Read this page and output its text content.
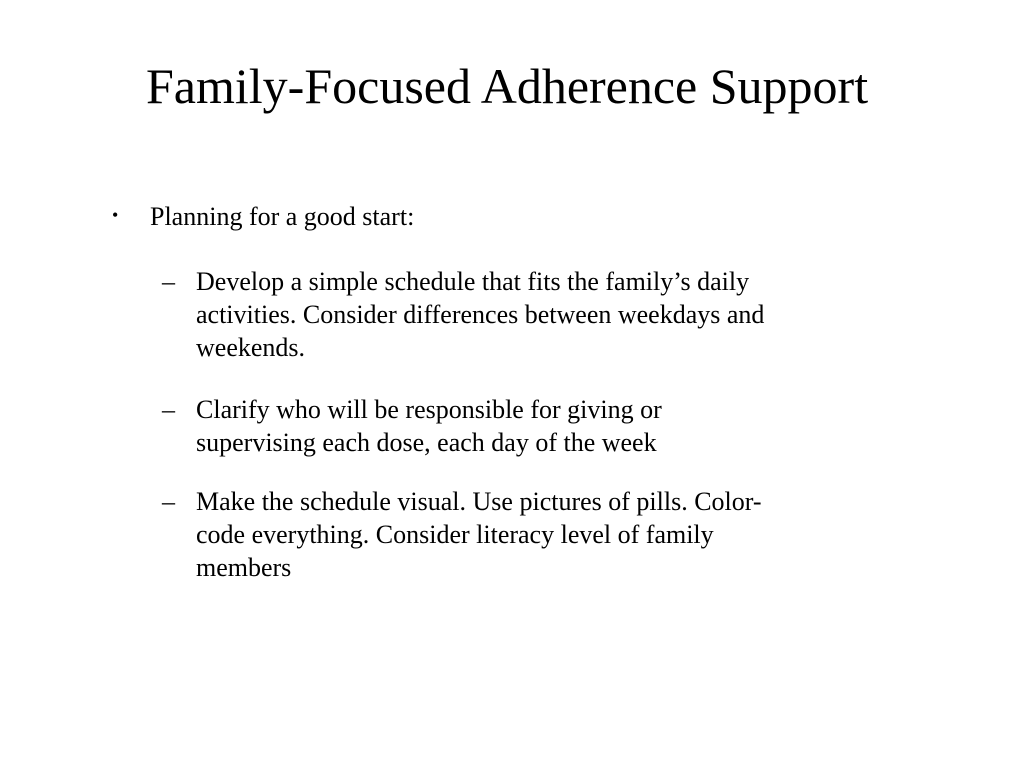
Family-Focused Adherence Support
• Planning for a good start:
– Develop a simple schedule that fits the family’s daily
activities. Consider differences between weekdays and
weekends.
– Clarify who will be responsible for giving or
supervising each dose, each day of the week
– Make the schedule visual. Use pictures of pills. Color-
code everything. Consider literacy level of family
members
